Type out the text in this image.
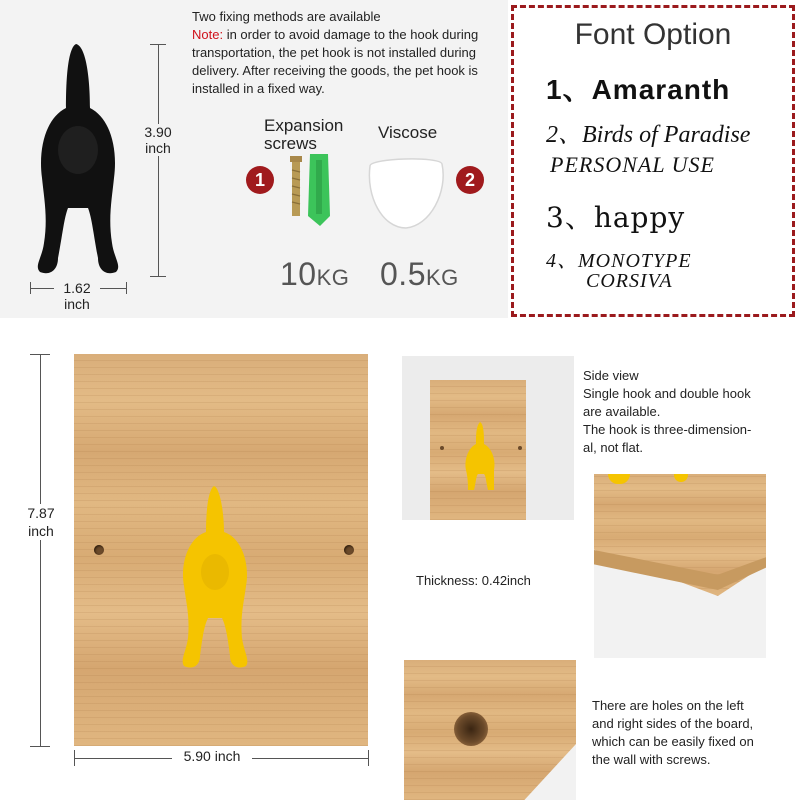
3.90
inch
1.62
inch
Two fixing methods are available
Note: in order to avoid damage to the hook during transportation, the pet hook is not installed during delivery. After receiving the goods, the pet hook is installed in a fixed way.
Expansion
screws
Viscose
1	2
10KG 0.5KG
Font Option
1、Amaranth
2、Birds of Paradise
PERSONAL USE
3、happy
4、MONOTYPE
CORSIVA
7.87
inch
5.90 inch
Side view
Single hook and double hook
are available.
The hook is three-dimension-
al, not flat.
Thickness: 0.42inch
There are holes on the left
and right sides of the board,
which can be easily fixed on
the wall with screws.
